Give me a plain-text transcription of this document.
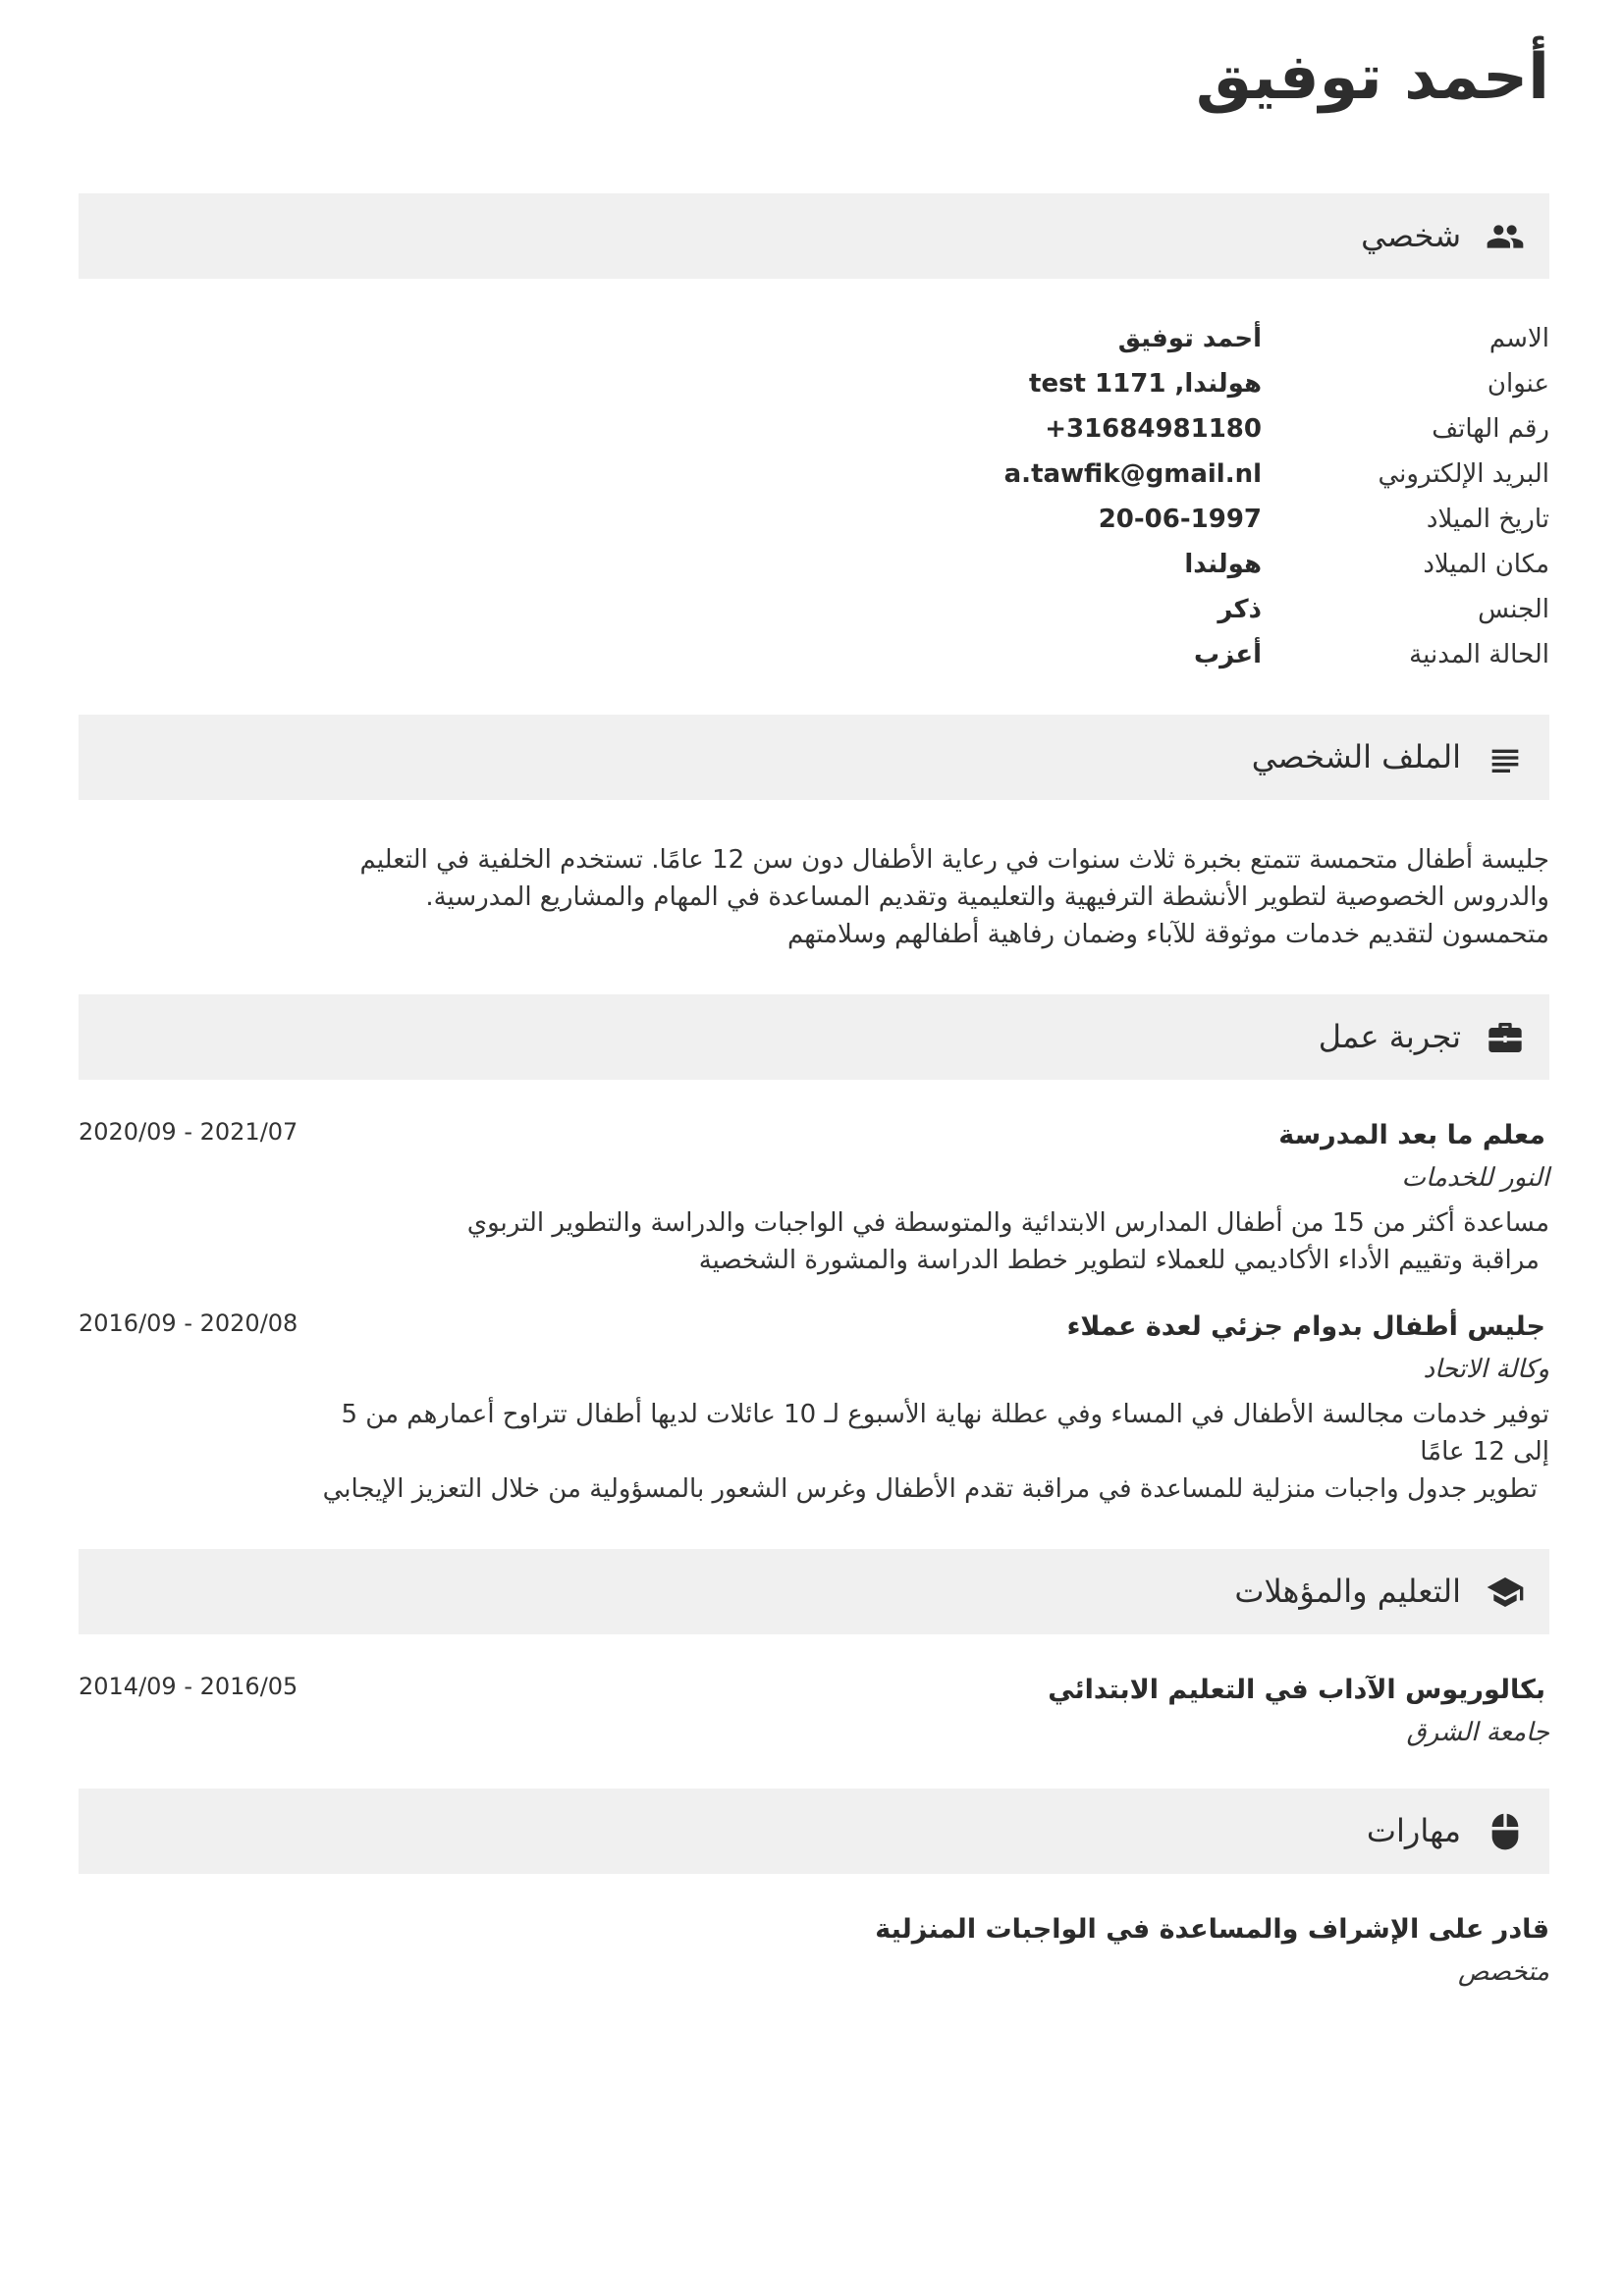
أحمد توفيق
شخصي
الاسم
أحمد توفيق
عنوان
هولندا, 1171 test
رقم الهاتف
+31684981180
البريد الإلكتروني
a.tawfik@gmail.nl
تاريخ الميلاد
20-06-1997
مكان الميلاد
هولندا
الجنس
ذكر
الحالة المدنية
أعزب
الملف الشخصي

جليسة أطفال متحمسة تتمتع بخبرة ثلاث سنوات في رعاية الأطفال دون سن 12 عامًا. تستخدم الخلفية في التعليم
والدروس الخصوصية لتطوير الأنشطة الترفيهية والتعليمية وتقديم المساعدة في المهام والمشاريع المدرسية.
متحمسون لتقديم خدمات موثوقة للآباء وضمان رفاهية أطفالهم وسلامتهم

تجربة عمل
معلم ما بعد المدرسة
2020/09 - 2021/07
النور للخدمات

مساعدة أكثر من 15 من أطفال المدارس الابتدائية والمتوسطة في الواجبات والدراسة والتطوير التربوي
مراقبة وتقييم الأداء الأكاديمي للعملاء لتطوير خطط الدراسة والمشورة الشخصية

جليس أطفال بدوام جزئي لعدة عملاء
2016/09 - 2020/08
وكالة الاتحاد

توفير خدمات مجالسة الأطفال في المساء وفي عطلة نهاية الأسبوع لـ 10 عائلات لديها أطفال تتراوح أعمارهم من 5
إلى 12 عامًا
تطوير جدول واجبات منزلية للمساعدة في مراقبة تقدم الأطفال وغرس الشعور بالمسؤولية من خلال التعزيز الإيجابي

التعليم والمؤهلات
بكالوريوس الآداب في التعليم الابتدائي
2014/09 - 2016/05
جامعة الشرق
مهارات
قادر على الإشراف والمساعدة في الواجبات المنزلية
متخصص
